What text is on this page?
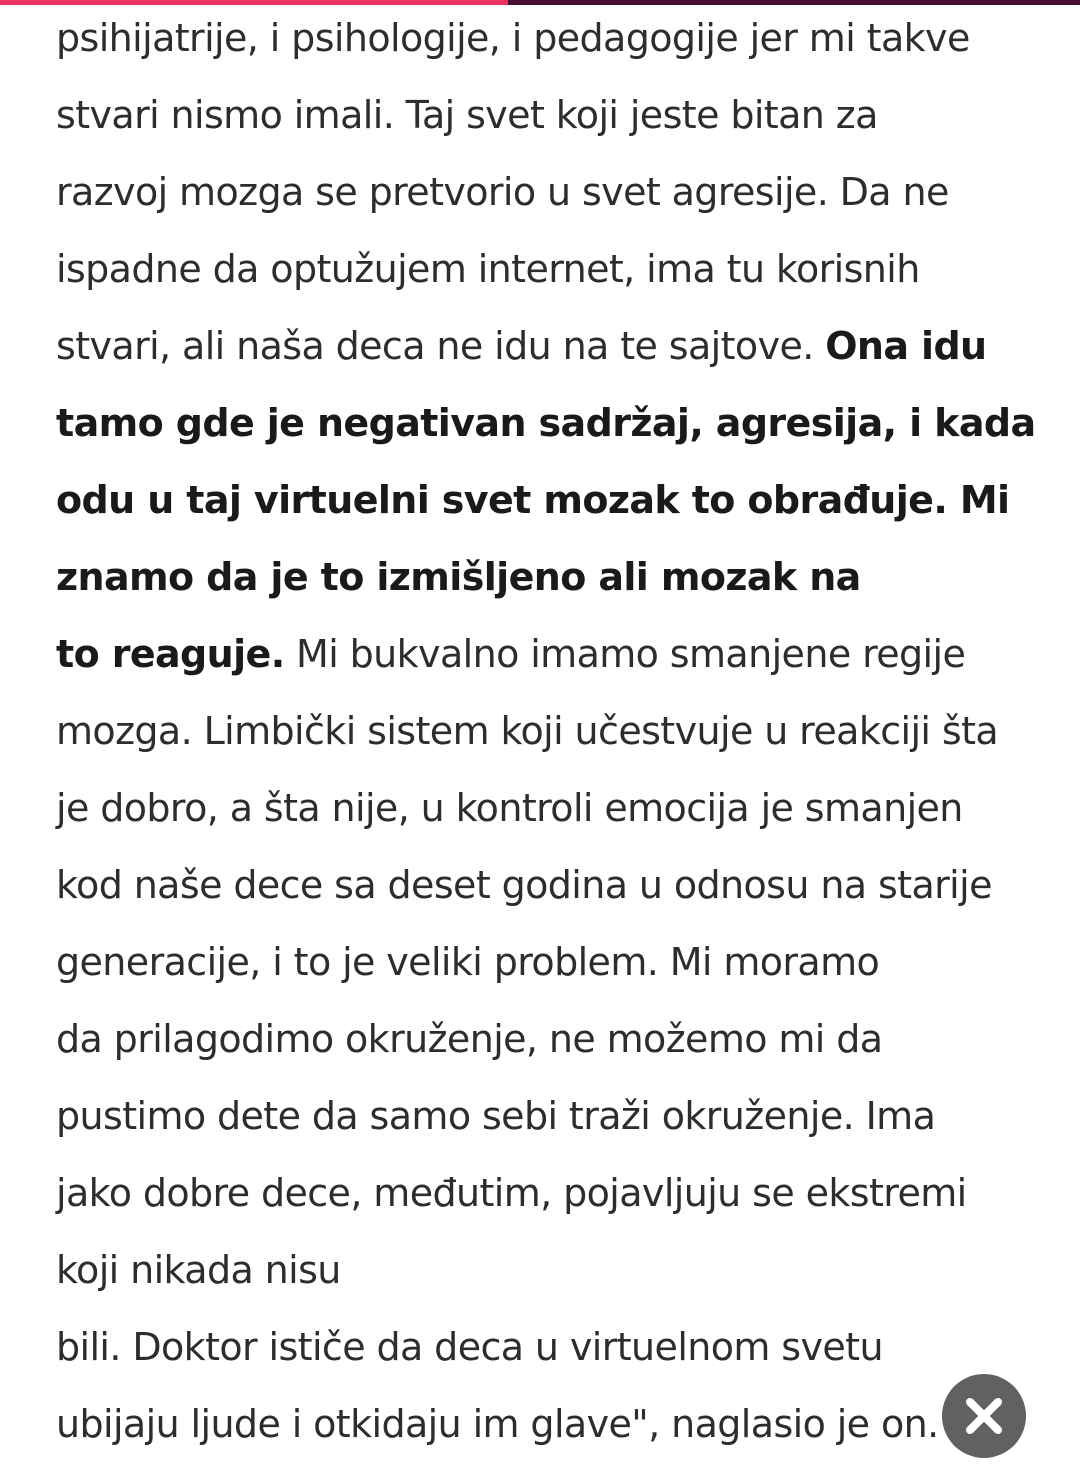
psihijatrije, i psihologije, i pedagogije jer mi takve

stvari nismo imali. Taj svet koji jeste bitan za

razvoj mozga se pretvorio u svet agresije. Da ne

ispadne da optužujem internet, ima tu korisnih

stvari, ali naša deca ne idu na te sajtove. Ona idu

tamo gde je negativan sadržaj, agresija, i kada

odu u taj virtuelni svet mozak to obrađuje. Mi

znamo da je to izmišljeno ali mozak na

to reaguje. Mi bukvalno imamo smanjene regije

mozga. Limbički sistem koji učestvuje u reakciji šta

je dobro, a šta nije, u kontroli emocija je smanjen

kod naše dece sa deset godina u odnosu na starije

generacije, i to je veliki problem. Mi moramo

da prilagodimo okruženje, ne možemo mi da

pustimo dete da samo sebi traži okruženje. Ima

jako dobre dece, međutim, pojavljuju se ekstremi

koji nikada nisu

bili. Doktor ističe da deca u virtuelnom svetu

ubijaju ljude i otkidaju im glave", naglasio je on.
